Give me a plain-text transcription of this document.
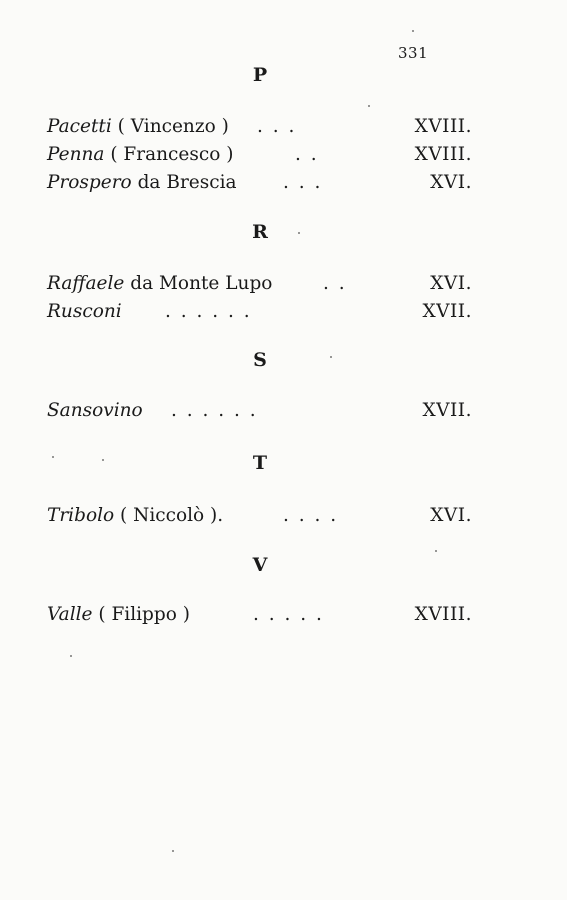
331
P
Pacetti ( Vincenzo ) . . .	XVIII.
Penna ( Francesco )	. .	XVIII.
Prospero da Brescia	. . .	XVI.
R
Raffaele da Monte Lupo	. .	XVI.
Rusconi . . . . . .	XVII.
S
Sansovino . . . . . .	XVII.
T
Tribolo ( Niccolò ).	. . . .	XVI.
V
Valle ( Filippo )	. . . . .	XVIII.
